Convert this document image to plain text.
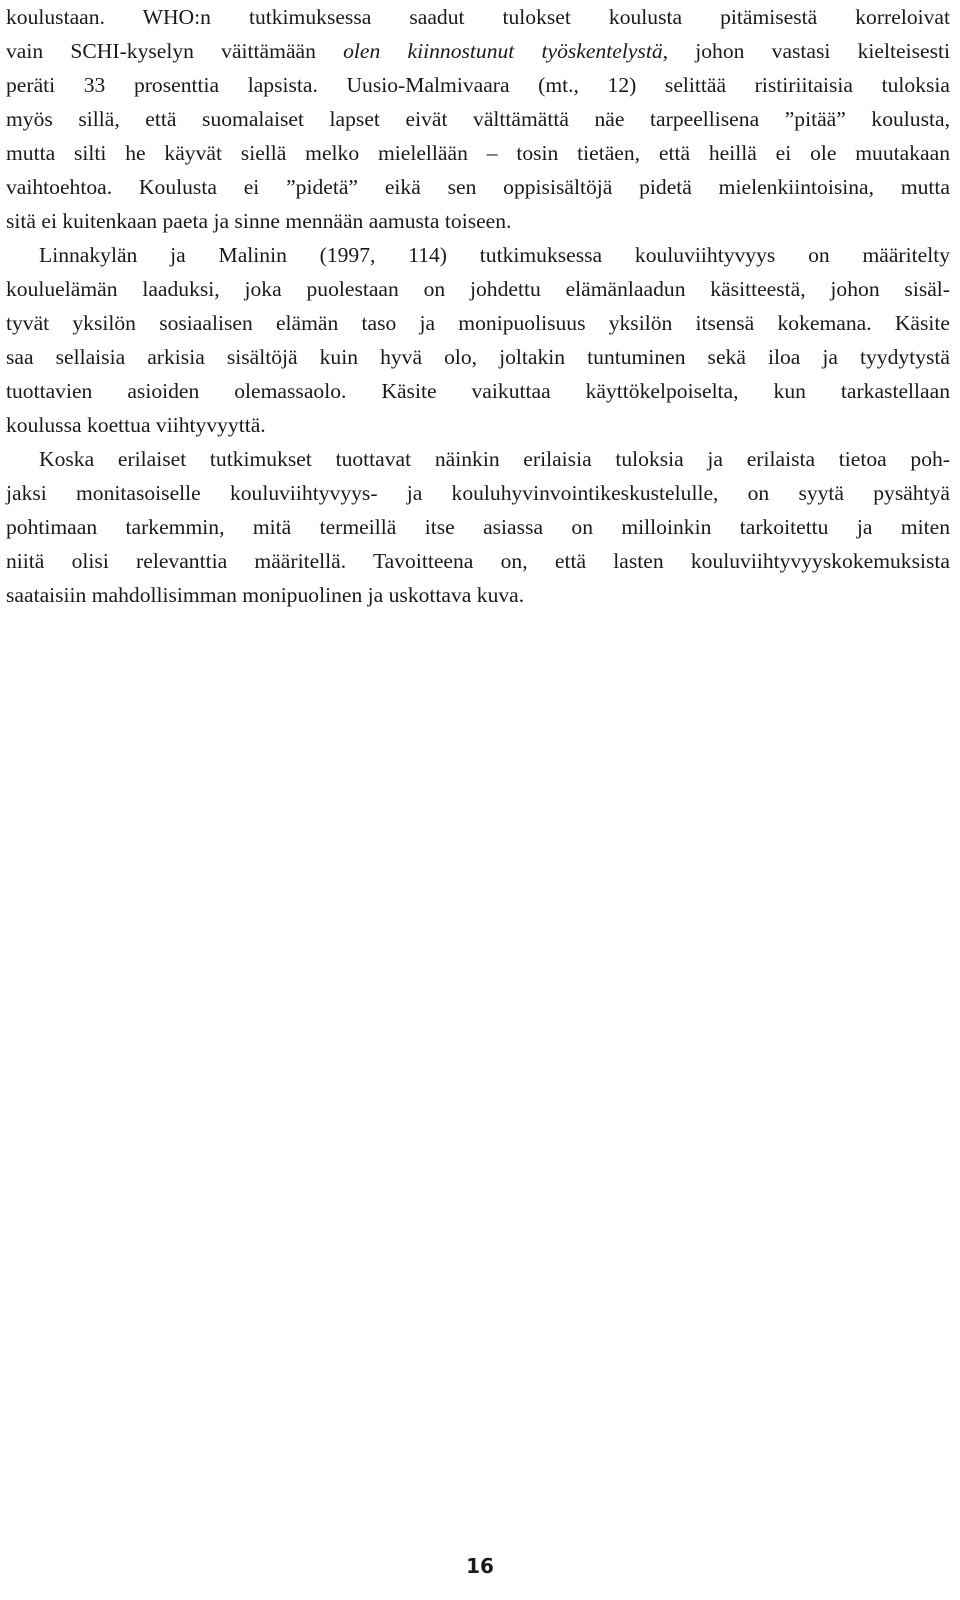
koulustaan. WHO:n tutkimuksessa saadut tulokset koulusta pitämisestä korreloivat
vain SCHI-kyselyn väittämään olen kiinnostunut työskentelystä, johon vastasi kielteisesti
peräti 33 prosenttia lapsista. Uusio-Malmivaara (mt., 12) selittää ristiriitaisia tuloksia
myös sillä, että suomalaiset lapset eivät välttämättä näe tarpeellisena ”pitää” koulusta,
mutta silti he käyvät siellä melko mielellään – tosin tietäen, että heillä ei ole muutakaan
vaihtoehtoa. Koulusta ei ”pidetä” eikä sen oppisisältöjä pidetä mielenkiintoisina, mutta
sitä ei kuitenkaan paeta ja sinne mennään aamusta toiseen.
Linnakylän ja Malinin (1997, 114) tutkimuksessa kouluviihtyvyys on määritelty
kouluelämän laaduksi, joka puolestaan on johdettu elämänlaadun käsitteestä, johon sisäl-
tyvät yksilön sosiaalisen elämän taso ja monipuolisuus yksilön itsensä kokemana. Käsite
saa sellaisia arkisia sisältöjä kuin hyvä olo, joltakin tuntuminen sekä iloa ja tyydytystä
tuottavien asioiden olemassaolo. Käsite vaikuttaa käyttökelpoiselta, kun tarkastellaan
koulussa koettua viihtyvyyttä.
Koska erilaiset tutkimukset tuottavat näinkin erilaisia tuloksia ja erilaista tietoa poh-
jaksi monitasoiselle kouluviihtyvyys- ja kouluhyvinvointikeskustelulle, on syytä pysähtyä
pohtimaan tarkemmin, mitä termeillä itse asiassa on milloinkin tarkoitettu ja miten
niitä olisi relevanttia määritellä. Tavoitteena on, että lasten kouluviihtyvyyskokemuksista
saataisiin mahdollisimman monipuolinen ja uskottava kuva.
16
